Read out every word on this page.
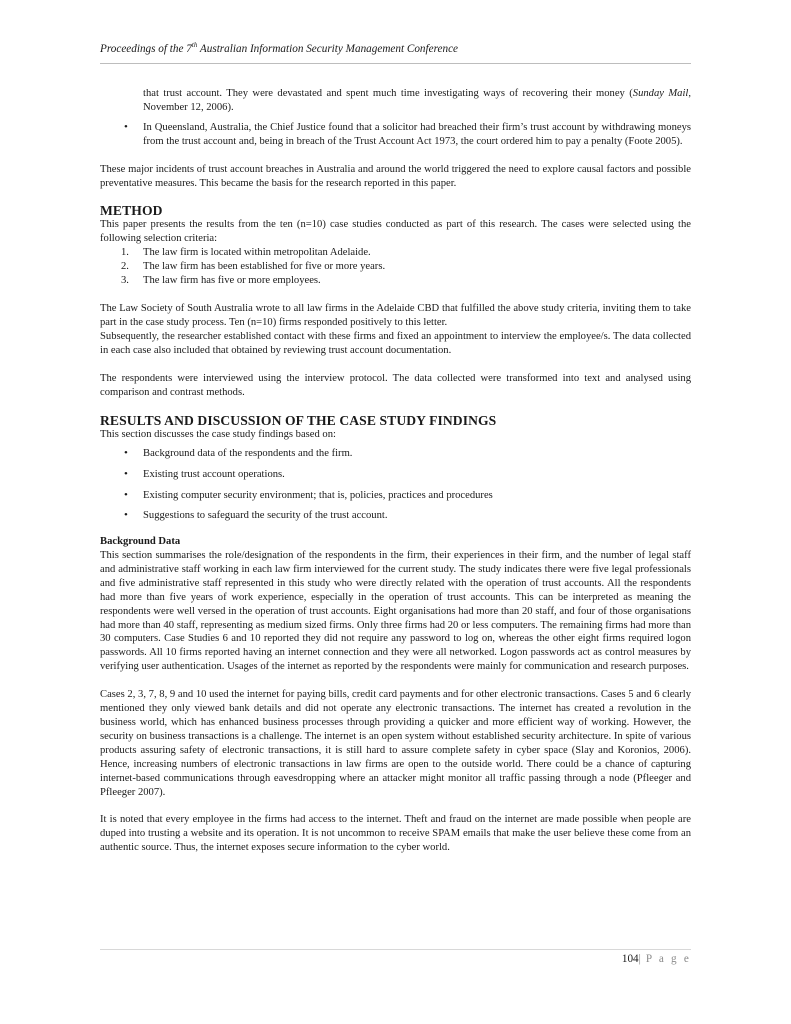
Proceedings of the 7th Australian Information Security Management Conference

that trust account. They were devastated and spent much time investigating ways of recovering their money (Sunday Mail, November 12, 2006).

• In Queensland, Australia, the Chief Justice found that a solicitor had breached their firm’s trust account by withdrawing moneys from the trust account and, being in breach of the Trust Account Act 1973, the court ordered him to pay a penalty (Foote 2005).

These major incidents of trust account breaches in Australia and around the world triggered the need to explore causal factors and possible preventative measures. This became the basis for the research reported in this paper.

METHOD

This paper presents the results from the ten (n=10) case studies conducted as part of this research. The cases were selected using the following selection criteria:

1. The law firm is located within metropolitan Adelaide.
2. The law firm has been established for five or more years.
3. The law firm has five or more employees.

The Law Society of South Australia wrote to all law firms in the Adelaide CBD that fulfilled the above study criteria, inviting them to take part in the case study process. Ten (n=10) firms responded positively to this letter.

Subsequently, the researcher established contact with these firms and fixed an appointment to interview the employee/s. The data collected in each case also included that obtained by reviewing trust account documentation.

The respondents were interviewed using the interview protocol. The data collected were transformed into text and analysed using comparison and contrast methods.

RESULTS AND DISCUSSION OF THE CASE STUDY FINDINGS

This section discusses the case study findings based on:

• Background data of the respondents and the firm.
• Existing trust account operations.
• Existing computer security environment; that is, policies, practices and procedures
• Suggestions to safeguard the security of the trust account.
Background Data

This section summarises the role/designation of the respondents in the firm, their experiences in their firm, and the number of legal staff and administrative staff working in each law firm interviewed for the current study. The study indicates there were five legal professionals and five administrative staff represented in this study who were directly related with the operation of trust accounts. All the respondents had more than five years of work experience, especially in the operation of trust accounts. This can be interpreted as meaning the respondents were well versed in the operation of trust accounts. Eight organisations had more than 20 staff, and four of those organisations had more than 40 staff, representing as medium sized firms. Only three firms had 20 or less computers. The remaining firms had more than 30 computers. Case Studies 6 and 10 reported they did not require any password to log on, whereas the other eight firms required logon passwords. All 10 firms reported having an internet connection and they were all networked. Logon passwords act as control measures by verifying user authentication. Usages of the internet as reported by the respondents were mainly for communication and research purposes.

Cases 2, 3, 7, 8, 9 and 10 used the internet for paying bills, credit card payments and for other electronic transactions. Cases 5 and 6 clearly mentioned they only viewed bank details and did not operate any electronic transactions. The internet has created a revolution in the business world, which has enhanced business processes through providing a quicker and more efficient way of working. However, the security on business transactions is a challenge. The internet is an open system without established security architecture. In spite of various products assuring safety of electronic transactions, it is still hard to assure complete safety in cyber space (Slay and Koronios, 2006). Hence, increasing numbers of electronic transactions in law firms are open to the outside world. There could be a chance of capturing internet-based communications through eavesdropping where an attacker might monitor all traffic passing through a node (Pfleeger and Pfleeger 2007).

It is noted that every employee in the firms had access to the internet. Theft and fraud on the internet are made possible when people are duped into trusting a website and its operation. It is not uncommon to receive SPAM emails that make the user believe these come from an authentic source. Thus, the internet exposes secure information to the cyber world.

104| P a g e
